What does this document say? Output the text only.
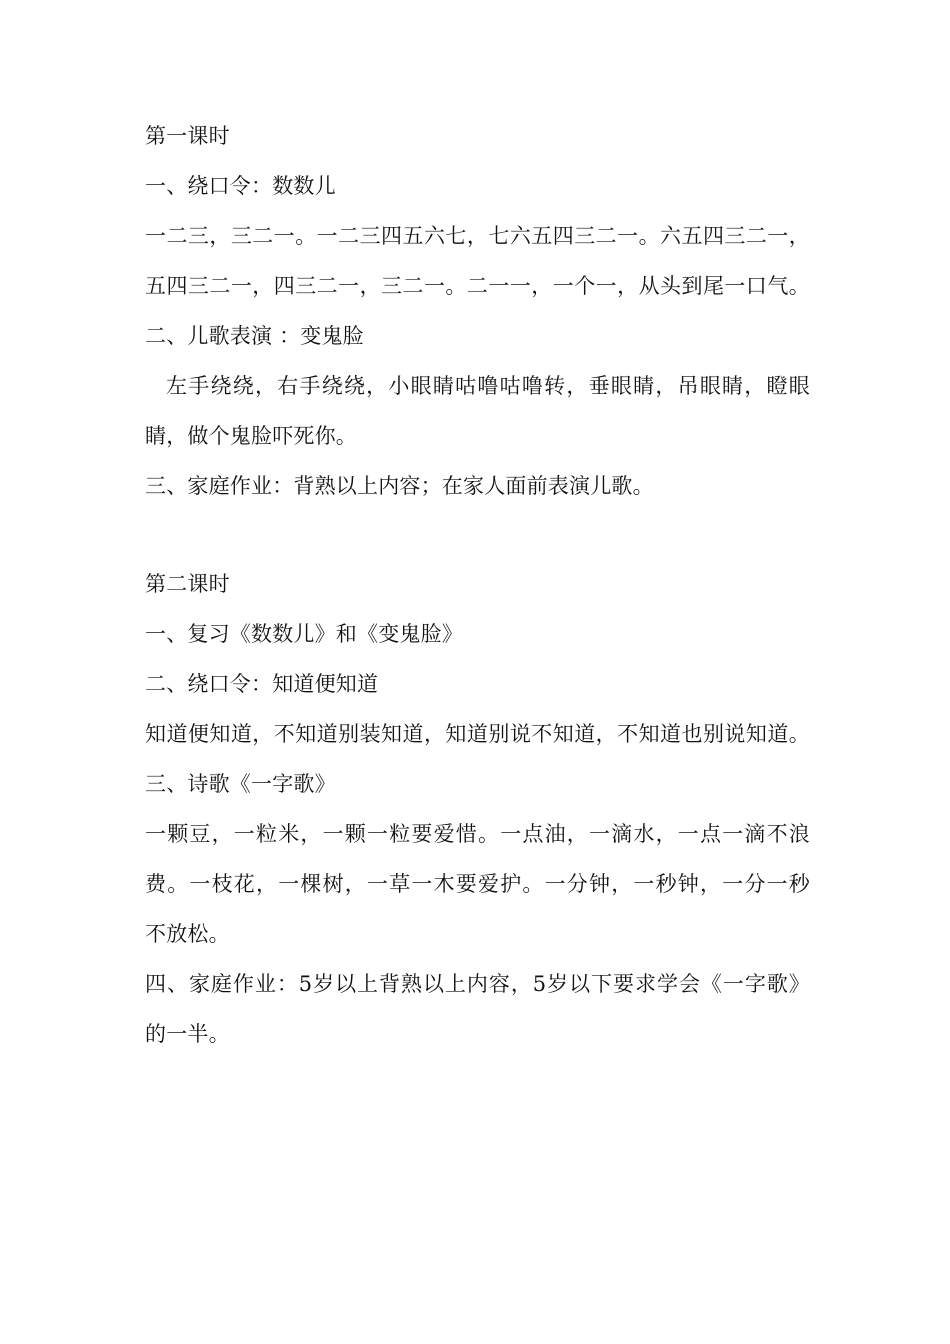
第一课时
一、绕口令：数数儿
一二三，三二一。一二三四五六七，七六五四三二一。六五四三二一，
五四三二一，四三二一，三二一。二一一，一个一，从头到尾一口气。
二、儿歌表演 ：变鬼脸
左手绕绕，右手绕绕，小眼睛咕噜咕噜转，垂眼睛，吊眼睛，瞪眼
睛，做个鬼脸吓死你。
三、家庭作业：背熟以上内容；在家人面前表演儿歌。
第二课时
一、复习《数数儿》和《变鬼脸》
二、绕口令：知道便知道
知道便知道，不知道别装知道，知道别说不知道，不知道也别说知道。
三、诗歌《一字歌》
一颗豆，一粒米，一颗一粒要爱惜。一点油，一滴水，一点一滴不浪
费。一枝花，一棵树，一草一木要爱护。一分钟，一秒钟，一分一秒
不放松。
四、家庭作业：5岁以上背熟以上内容，5岁以下要求学会《一字歌》
的一半。
